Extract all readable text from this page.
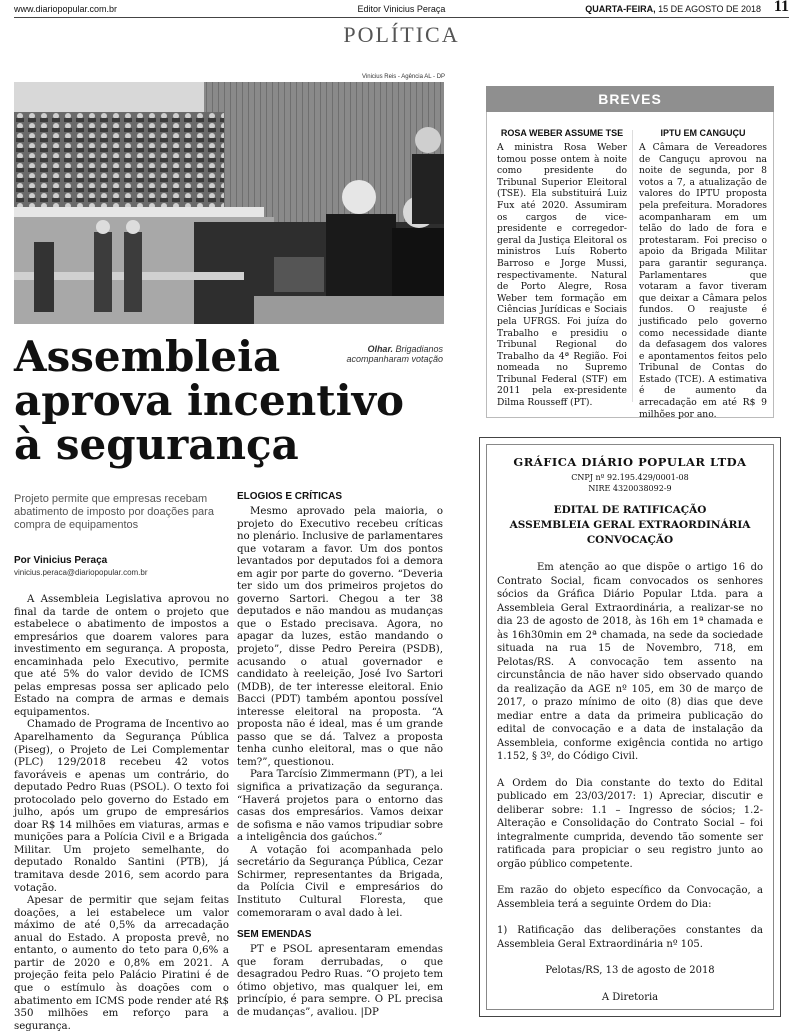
www.diariopopular.com.br	Editor Vinicius Peraça	QUARTA-FEIRA, 15 DE AGOSTO DE 2018 11
POLÍTICA
Vinicius Reis - Agência AL - DP
Olhar. Brigadianos acompanharam votação
Assembleia
aprova incentivo
à segurança
Projeto permite que empresas recebam abatimento de imposto por doações para compra de equipamentos
Por Vinicius Peraça
vinicius.peraca@diariopopular.com.br

A Assembleia Legislativa aprovou no final da tarde de ontem o projeto que estabelece o abatimento de impostos a empresários que doarem valores para investimento em segurança. A proposta, encaminhada pelo Executivo, permite que até 5% do valor devido de ICMS pelas empresas possa ser aplicado pelo Estado na compra de armas e demais equipamentos.

Chamado de Programa de Incentivo ao Aparelhamento da Segurança Pública (Piseg), o Projeto de Lei Complementar (PLC) 129/2018 recebeu 42 votos favoráveis e apenas um contrário, do deputado Pedro Ruas (PSOL). O texto foi protocolado pelo governo do Estado em julho, após um grupo de empresários doar R$ 14 milhões em viaturas, armas e munições para a Polícia Civil e a Brigada Militar. Um projeto semelhante, do deputado Ronaldo Santini (PTB), já tramitava desde 2016, sem acordo para votação.

Apesar de permitir que sejam feitas doações, a lei estabelece um valor máximo de até 0,5% da arrecadação anual do Estado. A proposta prevê, no entanto, o aumento do teto para 0,6% a partir de 2020 e 0,8% em 2021. A projeção feita pelo Palácio Piratini é de que o estímulo às doações com o abatimento em ICMS pode render até R$ 350 milhões em reforço para a segurança.

ELOGIOS E CRÍTICAS

Mesmo aprovado pela maioria, o projeto do Executivo recebeu críticas no plenário. Inclusive de parlamentares que votaram a favor. Um dos pontos levantados por deputados foi a demora em agir por parte do governo. “Deveria ter sido um dos primeiros projetos do governo Sartori. Chegou a ter 38 deputados e não mandou as mudanças que o Estado precisava. Agora, no apagar da luzes, estão mandando o projeto”, disse Pedro Pereira (PSDB), acusando o atual governador e candidato à reeleição, José Ivo Sartori (MDB), de ter interesse eleitoral. Enio Bacci (PDT) também apontou possível interesse eleitoral na proposta. “A proposta não é ideal, mas é um grande passo que se dá. Talvez a proposta tenha cunho eleitoral, mas o que não tem?”, questionou.

Para Tarcísio Zimmermann (PT), a lei significa a privatização da segurança. “Haverá projetos para o entorno das casas dos empresários. Vamos deixar de sofisma e não vamos tripudiar sobre a inteligência dos gaúchos.”

A votação foi acompanhada pelo secretário da Segurança Pública, Cezar Schirmer, representantes da Brigada, da Polícia Civil e empresários do Instituto Cultural Floresta, que comemoraram o aval dado à lei.

SEM EMENDAS

PT e PSOL apresentaram emendas que foram derrubadas, o que desagradou Pedro Ruas. “O projeto tem ótimo objetivo, mas qualquer lei, em princípio, é para sempre. O PL precisa de mudanças”, avaliou. |DP

BREVES
ROSA WEBER ASSUME TSE

A ministra Rosa Weber tomou posse ontem à noite como presidente do Tribunal Superior Eleitoral (TSE). Ela substituirá Luiz Fux até 2020. Assumiram os cargos de vice-presidente e corregedor-geral da Justiça Eleitoral os ministros Luís Roberto Barroso e Jorge Mussi, respectivamente. Natural de Porto Alegre, Rosa Weber tem formação em Ciências Jurídicas e Sociais pela UFRGS. Foi juíza do Trabalho e presidiu o Tribunal Regional do Trabalho da 4ª Região. Foi nomeada no Supremo Tribunal Federal (STF) em 2011 pela ex-presidente Dilma Rousseff (PT).

IPTU EM CANGUÇU

A Câmara de Vereadores de Canguçu aprovou na noite de segunda, por 8 votos a 7, a atualização de valores do IPTU proposta pela prefeitura. Moradores acompanharam em um telão do lado de fora e protestaram. Foi preciso o apoio da Brigada Militar para garantir segurança. Parlamentares que votaram a favor tiveram que deixar a Câmara pelos fundos. O reajuste é justificado pelo governo como necessidade diante da defasagem dos valores e apontamentos feitos pelo Tribunal de Contas do Estado (TCE). A estimativa é de aumento da arrecadação em até R$ 9 milhões por ano.

GRÁFICA DIÁRIO POPULAR LTDA
CNPJ nº 92.195.429/0001-08
NIRE 4320038092-9
EDITAL DE RATIFICAÇÃO
ASSEMBLEIA GERAL EXTRAORDINÁRIA
CONVOCAÇÃO

Em atenção ao que dispõe o artigo 16 do Contrato Social, ficam convocados os senhores sócios da Gráfica Diário Popular Ltda. para a Assembleia Geral Extraordinária, a realizar-se no dia 23 de agosto de 2018, às 16h em 1ª chamada e às 16h30min em 2ª chamada, na sede da sociedade situada na rua 15 de Novembro, 718, em Pelotas/RS. A convocação tem assento na circunstância de não haver sido observado quando da realização da AGE nº 105, em 30 de março de 2017, o prazo mínimo de oito (8) dias que deve mediar entre a data da primeira publicação do edital de convocação e a data de instalação da Assembleia, conforme exigência contida no artigo 1.152, § 3º, do Código Civil.

A Ordem do Dia constante do texto do Edital publicado em 23/03/2017: 1) Apreciar, discutir e deliberar sobre: 1.1 – Ingresso de sócios; 1.2- Alteração e Consolidação do Contrato Social – foi integralmente cumprida, devendo tão somente ser ratificada para propiciar o seu registro junto ao orgão público competente.

Em razão do objeto específico da Convocação, a Assembleia terá a seguinte Ordem do Dia:

1) Ratificação das deliberações constantes da Assembleia Geral Extraordinária nº 105.

Pelotas/RS, 13 de agosto de 2018

A Diretoria
